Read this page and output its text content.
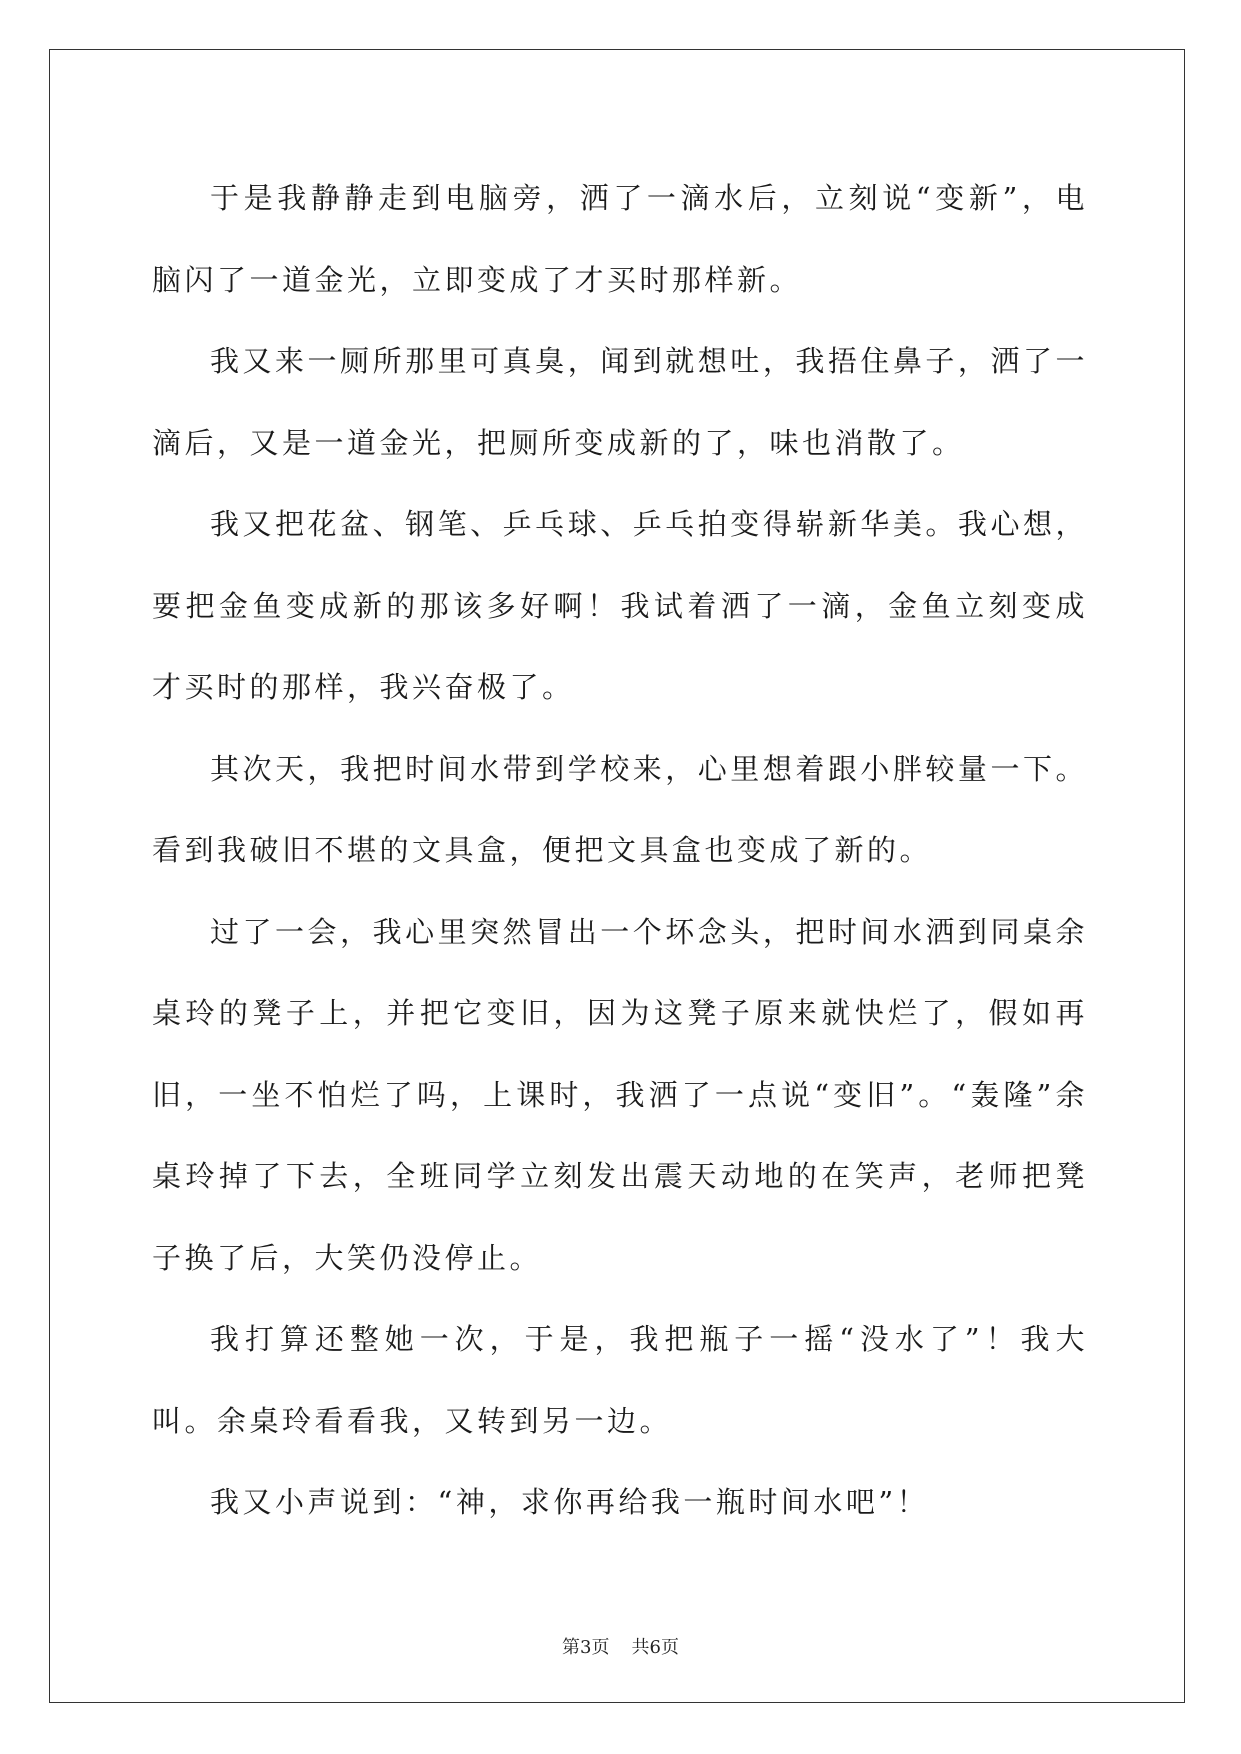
于是我静静走到电脑旁，洒了一滴水后，立刻说“变新”，电脑闪了一道金光，立即变成了才买时那样新。

我又来一厕所那里可真臭，闻到就想吐，我捂住鼻子，洒了一滴后，又是一道金光，把厕所变成新的了，味也消散了。

我又把花盆、钢笔、乒乓球、乒乓拍变得崭新华美。我心想，要把金鱼变成新的那该多好啊！我试着洒了一滴，金鱼立刻变成才买时的那样，我兴奋极了。

其次天，我把时间水带到学校来，心里想着跟小胖较量一下。看到我破旧不堪的文具盒，便把文具盒也变成了新的。

过了一会，我心里突然冒出一个坏念头，把时间水洒到同桌余桌玲的凳子上，并把它变旧，因为这凳子原来就快烂了，假如再旧，一坐不怕烂了吗，上课时，我洒了一点说“变旧”。“轰隆”余桌玲掉了下去，全班同学立刻发出震天动地的在笑声，老师把凳子换了后，大笑仍没停止。

我打算还整她一次，于是，我把瓶子一摇“没水了”！我大叫。余桌玲看看我，又转到另一边。

我又小声说到：“神，求你再给我一瓶时间水吧”！

第3页 共6页
